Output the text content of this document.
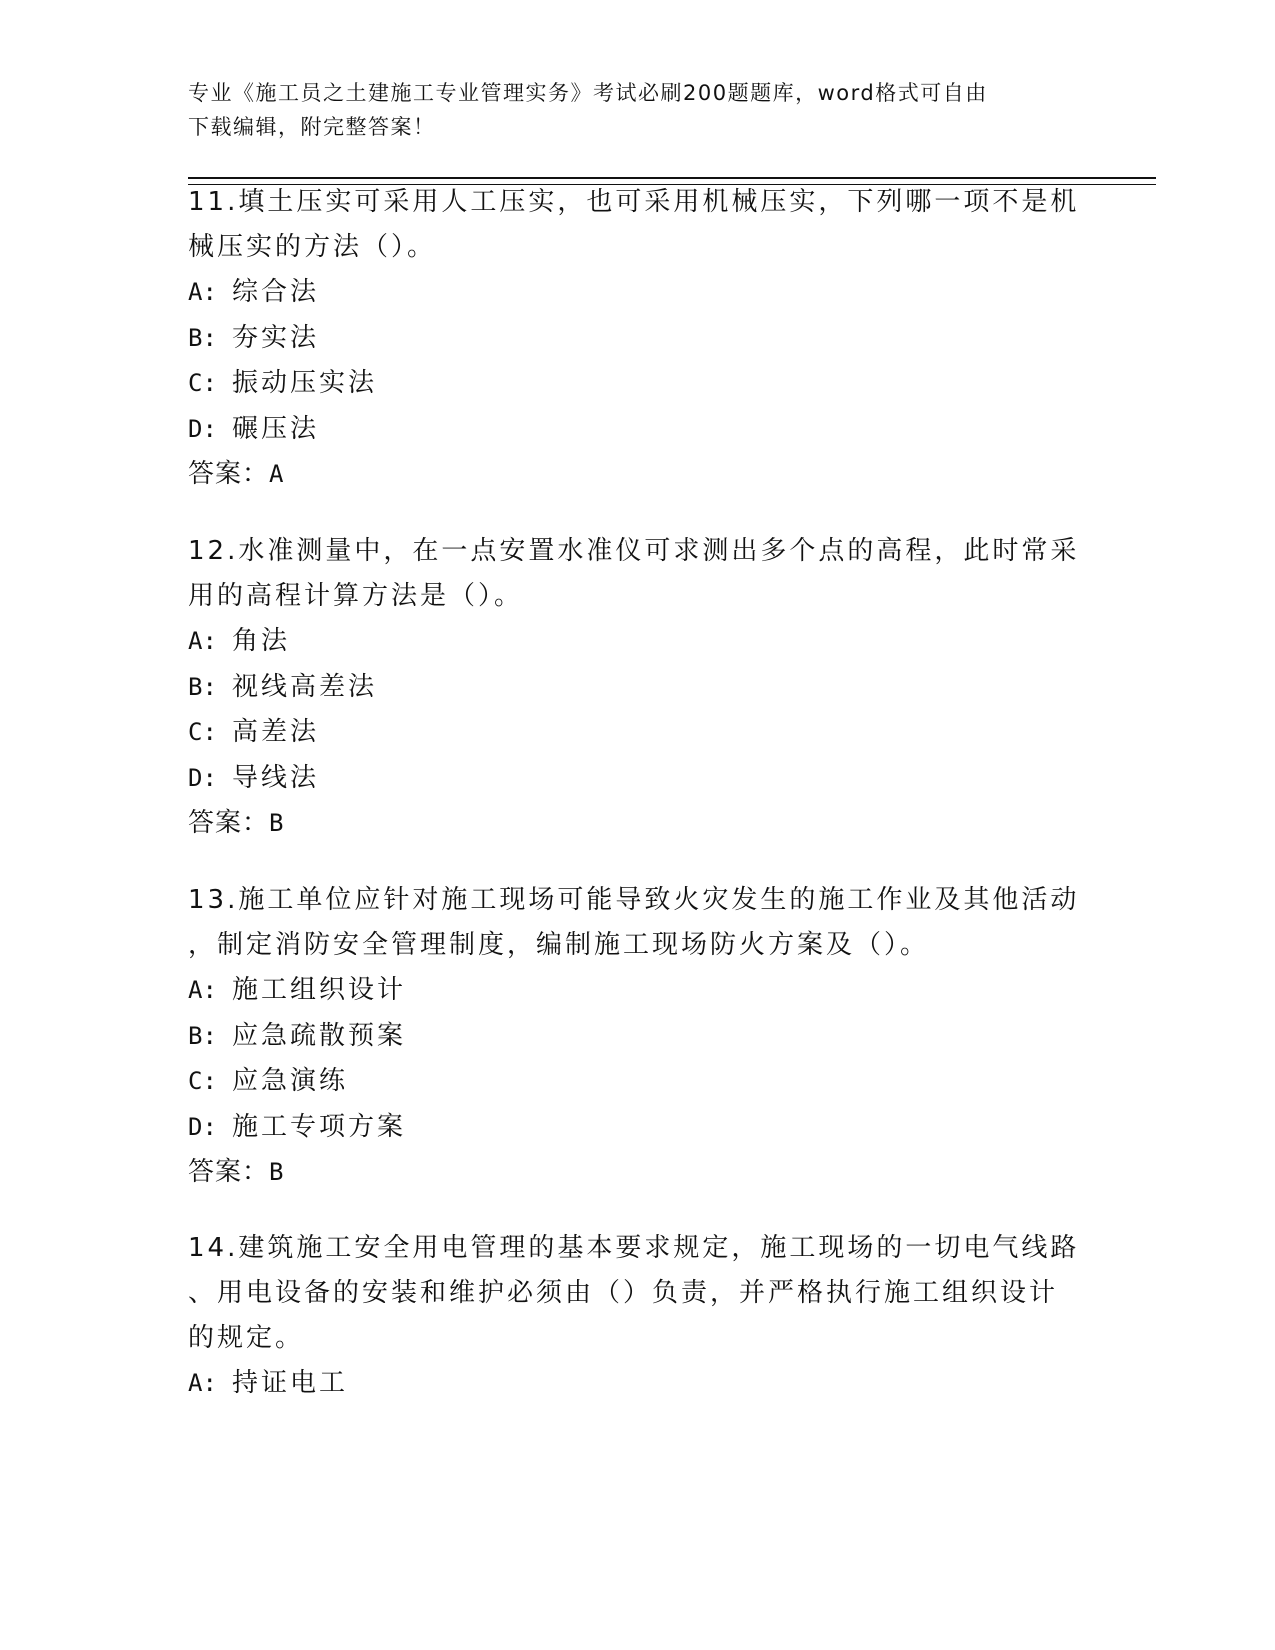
专业《施工员之土建施工专业管理实务》考试必刷200题题库，word格式可自由
下载编辑，附完整答案！
11.填土压实可采用人工压实，也可采用机械压实，下列哪一项不是机
械压实的方法（）。
A: 综合法
B: 夯实法
C: 振动压实法
D: 碾压法
答案：A
12.水准测量中，在一点安置水准仪可求测出多个点的高程，此时常采
用的高程计算方法是（）。
A: 角法
B: 视线高差法
C: 高差法
D: 导线法
答案：B
13.施工单位应针对施工现场可能导致火灾发生的施工作业及其他活动
，制定消防安全管理制度，编制施工现场防火方案及（）。
A: 施工组织设计
B: 应急疏散预案
C: 应急演练
D: 施工专项方案
答案：B
14.建筑施工安全用电管理的基本要求规定，施工现场的一切电气线路
、用电设备的安装和维护必须由（）负责，并严格执行施工组织设计
的规定。
A: 持证电工
